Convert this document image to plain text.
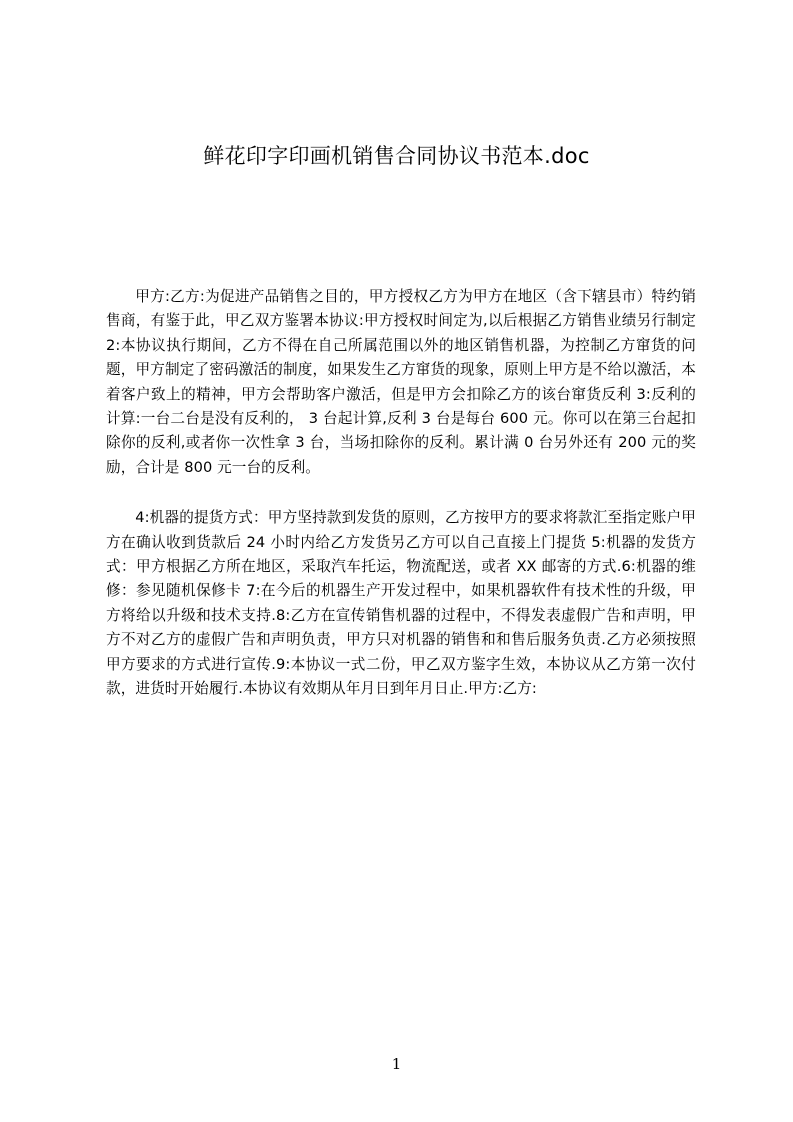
鲜花印字印画机销售合同协议书范本.doc

甲方:乙方:为促进产品销售之目的，甲方授权乙方为甲方在地区（含下辖县市）特约销售商，有鉴于此，甲乙双方鉴署本协议:甲方授权时间定为,以后根据乙方销售业绩另行制定 2:本协议执行期间，乙方不得在自己所属范围以外的地区销售机器，为控制乙方窜货的问题，甲方制定了密码激活的制度，如果发生乙方窜货的现象，原则上甲方是不给以激活，本着客户致上的精神，甲方会帮助客户激活，但是甲方会扣除乙方的该台窜货反利 3:反利的计算:一台二台是没有反利的， 3 台起计算,反利 3 台是每台 600 元。你可以在第三台起扣除你的反利,或者你一次性拿 3 台，当场扣除你的反利。累计满 0 台另外还有 200 元的奖励，合计是 800 元一台的反利。

4:机器的提货方式：甲方坚持款到发货的原则，乙方按甲方的要求将款汇至指定账户甲方在确认收到货款后 24 小时内给乙方发货另乙方可以自己直接上门提货 5:机器的发货方式：甲方根据乙方所在地区，采取汽车托运，物流配送，或者 XX 邮寄的方式.6:机器的维修：参见随机保修卡 7:在今后的机器生产开发过程中，如果机器软件有技术性的升级，甲方将给以升级和技术支持.8:乙方在宣传销售机器的过程中，不得发表虚假广告和声明，甲方不对乙方的虚假广告和声明负责，甲方只对机器的销售和和售后服务负责.乙方必须按照甲方要求的方式进行宣传.9:本协议一式二份，甲乙双方鉴字生效，本协议从乙方第一次付款，进货时开始履行.本协议有效期从年月日到年月日止.甲方:乙方:

1
